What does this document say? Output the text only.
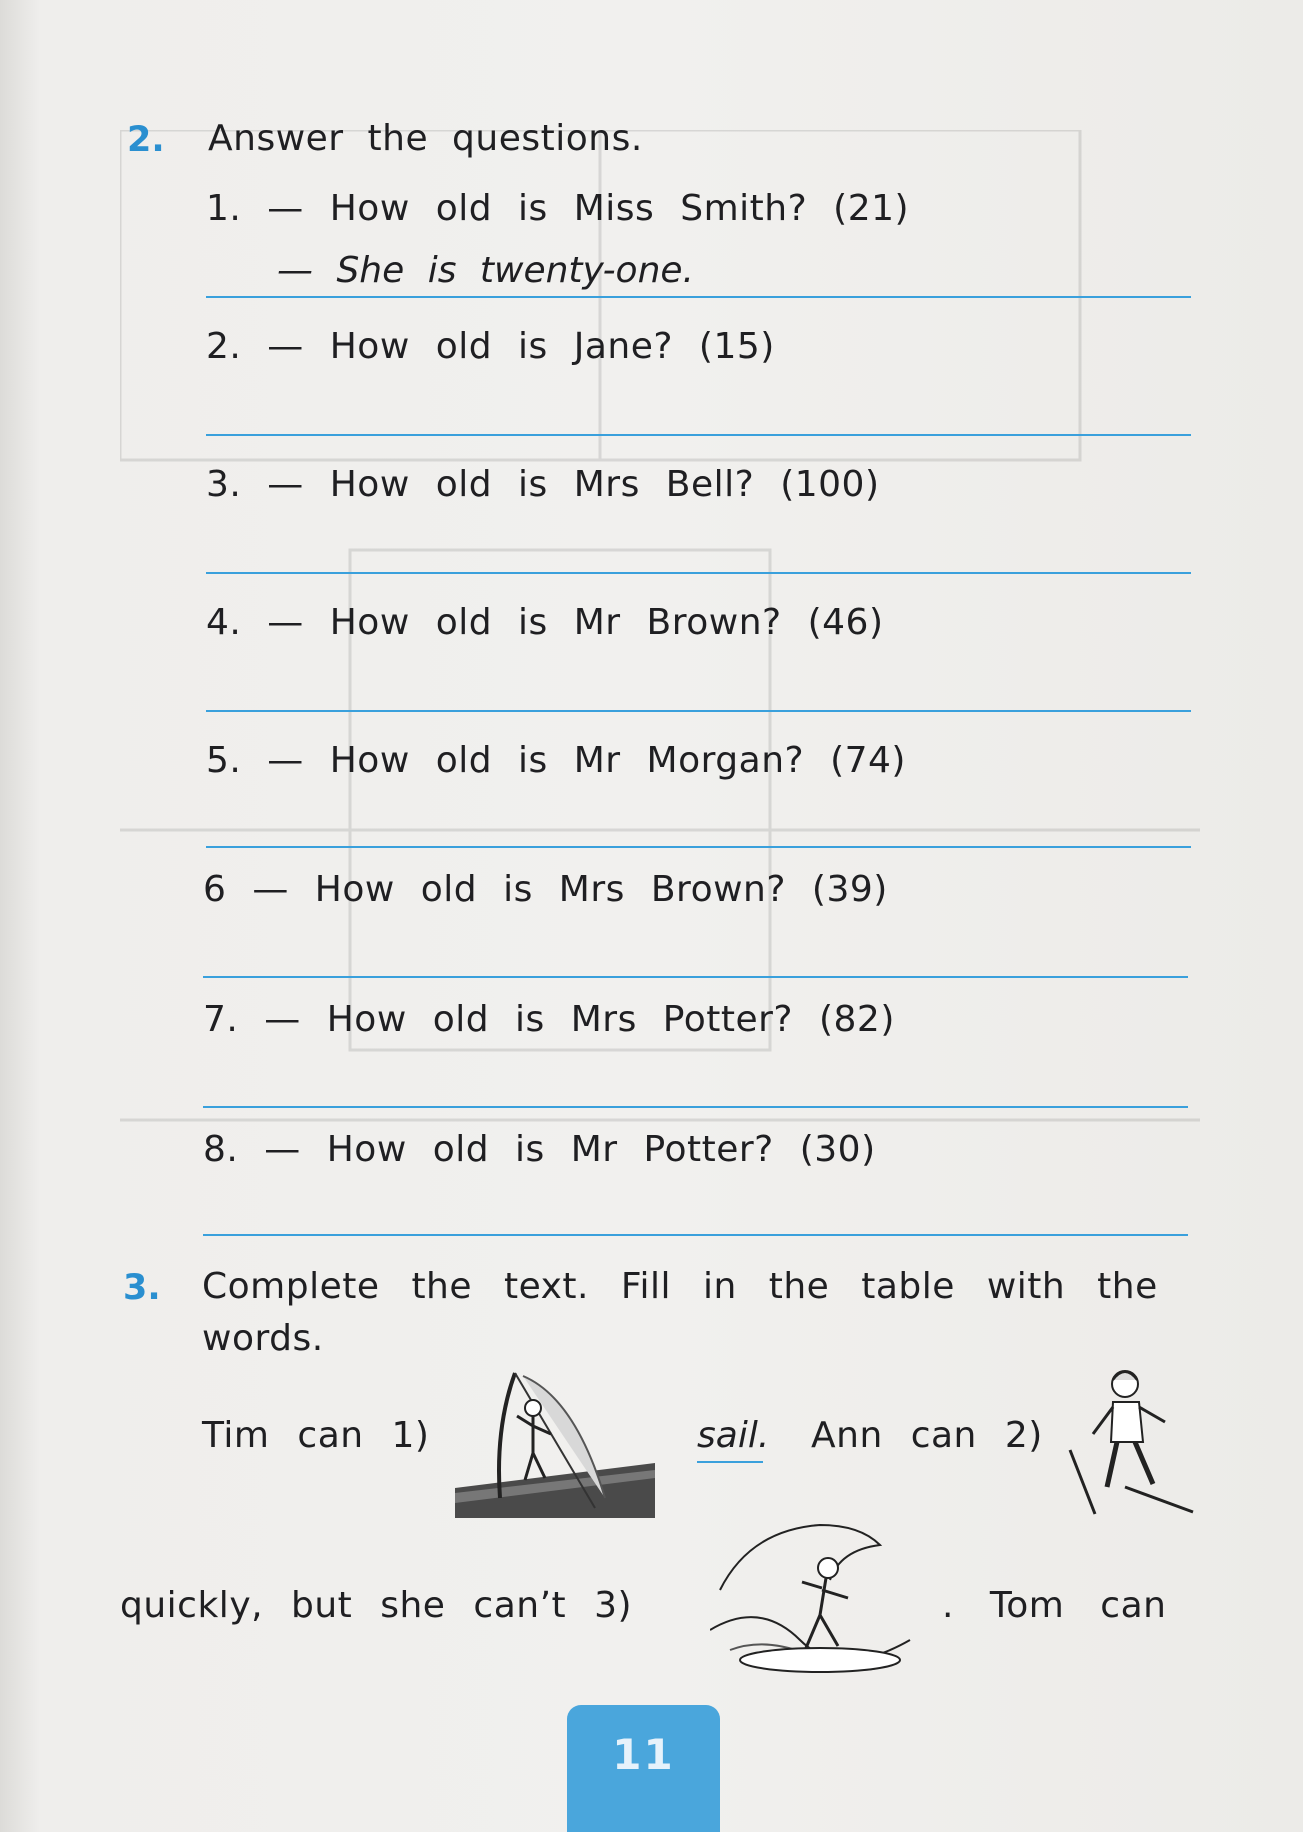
2. Answer the questions.
1. — How old is Miss Smith? (21)
— She is twenty-one.
2. — How old is Jane? (15)
3. — How old is Mrs Bell? (100)
4. — How old is Mr Brown? (46)
5. — How old is Mr Morgan? (74)
6 — How old is Mrs Brown? (39)
7. — How old is Mrs Potter? (82)
8. — How old is Mr Potter? (30)
3. Complete the text. Fill in the table with the
words.
Tim can 1)	sail. Ann can 2)
quickly, but she can’t 3)	. Tom can
11
